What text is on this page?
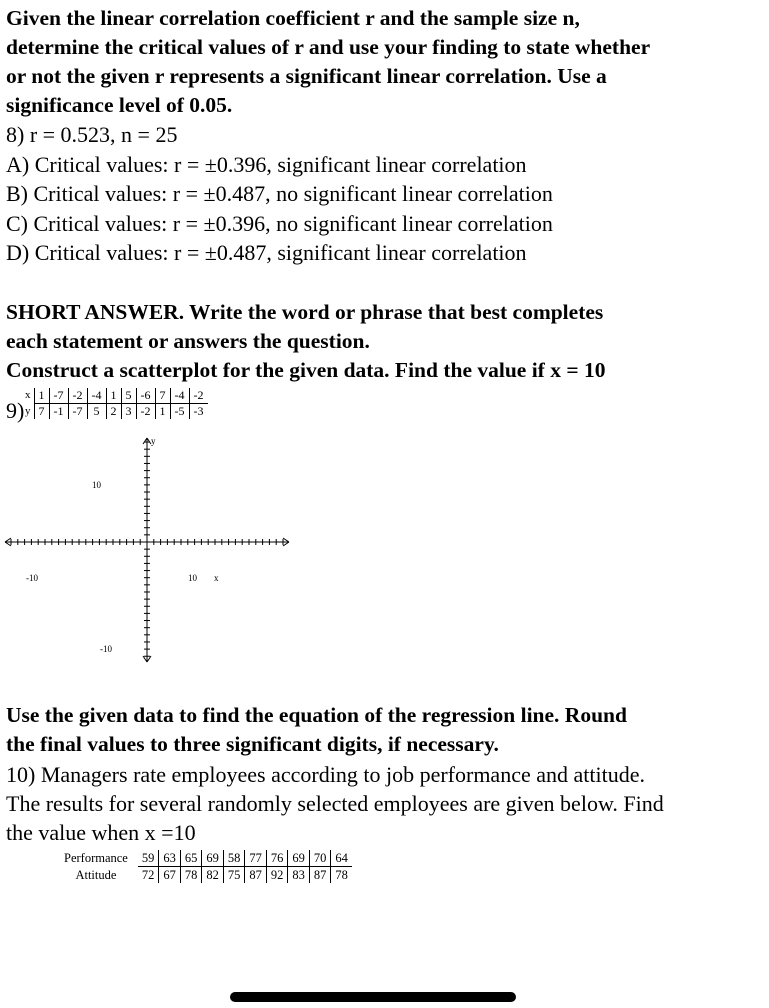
Given the linear correlation coefficient r and the sample size n,
determine the critical values of r and use your finding to state whether
or not the given r represents a significant linear correlation. Use a
significance level of 0.05.
8) r = 0.523, n = 25
A) Critical values: r = ±0.396, significant linear correlation
B) Critical values: r = ±0.487, no significant linear correlation
C) Critical values: r = ±0.396, no significant linear correlation
D) Critical values: r = ±0.487, significant linear correlation
SHORT ANSWER. Write the word or phrase that best completes
each statement or answers the question.
Construct a scatterplot for the given data. Find the value if x = 10
9)
x	1	-7	-2	-4	1	5	-6	7	-4	-2
y	7	-1	-7	5	2	3	-2	1	-5	-3
y
10
-10
-10	10 x
Use the given data to find the equation of the regression line. Round
the final values to three significant digits, if necessary.
10) Managers rate employees according to job performance and attitude.
The results for several randomly selected employees are given below. Find
the value when x =10
Performance	59	63	65	69	58	77	76	69	70	64
Attitude	72	67	78	82	75	87	92	83	87	78
